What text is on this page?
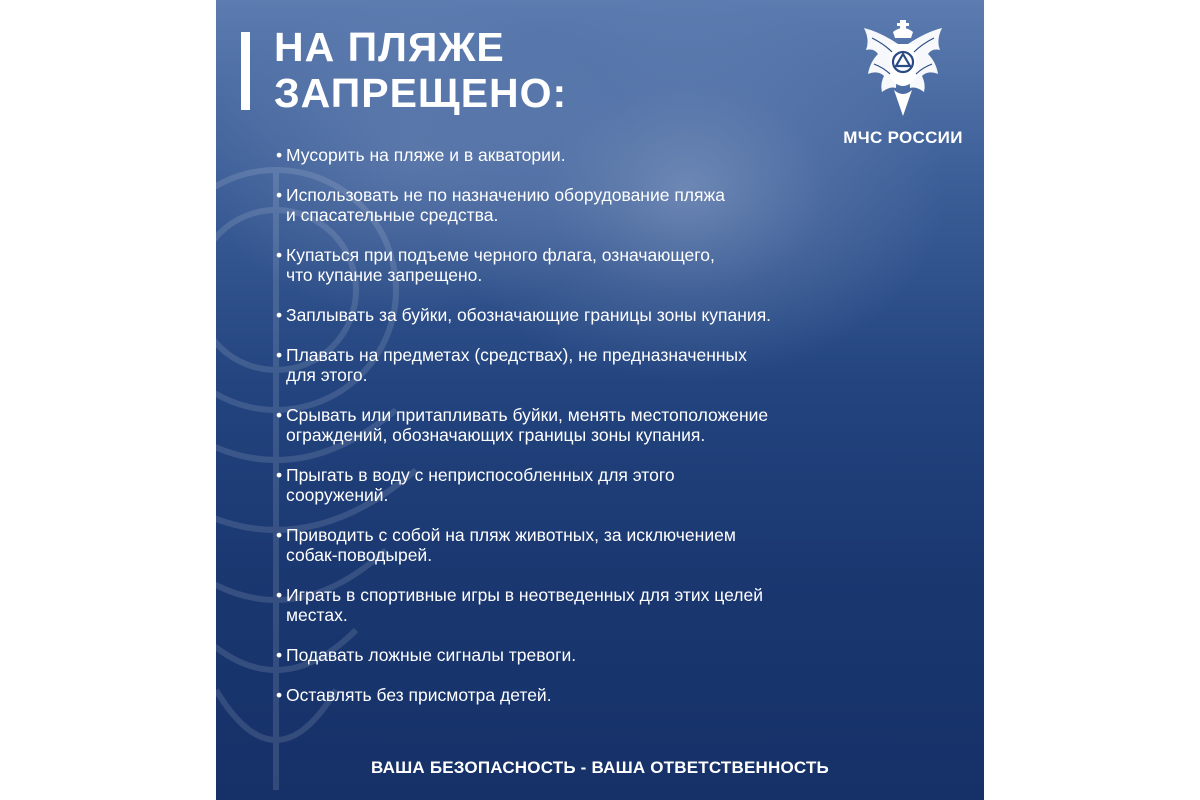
НА ПЛЯЖЕ
ЗАПРЕЩЕНО:
МЧС РОССИИ
• Мусорить на пляже и в акватории.
• Использовать не по назначению оборудование пляжа
и спасательные средства.
• Купаться при подъеме черного флага, означающего,
что купание запрещено.
• Заплывать за буйки, обозначающие границы зоны купания.
• Плавать на предметах (средствах), не предназначенных
для этого.
• Срывать или притапливать буйки, менять местоположение
ограждений, обозначающих границы зоны купания.
• Прыгать в воду с неприспособленных для этого
сооружений.
• Приводить с собой на пляж животных, за исключением
собак-поводырей.
• Играть в спортивные игры в неотведенных для этих целей
местах.
• Подавать ложные сигналы тревоги.
• Оставлять без присмотра детей.
ВАША БЕЗОПАСНОСТЬ - ВАША ОТВЕТСТВЕННОСТЬ
